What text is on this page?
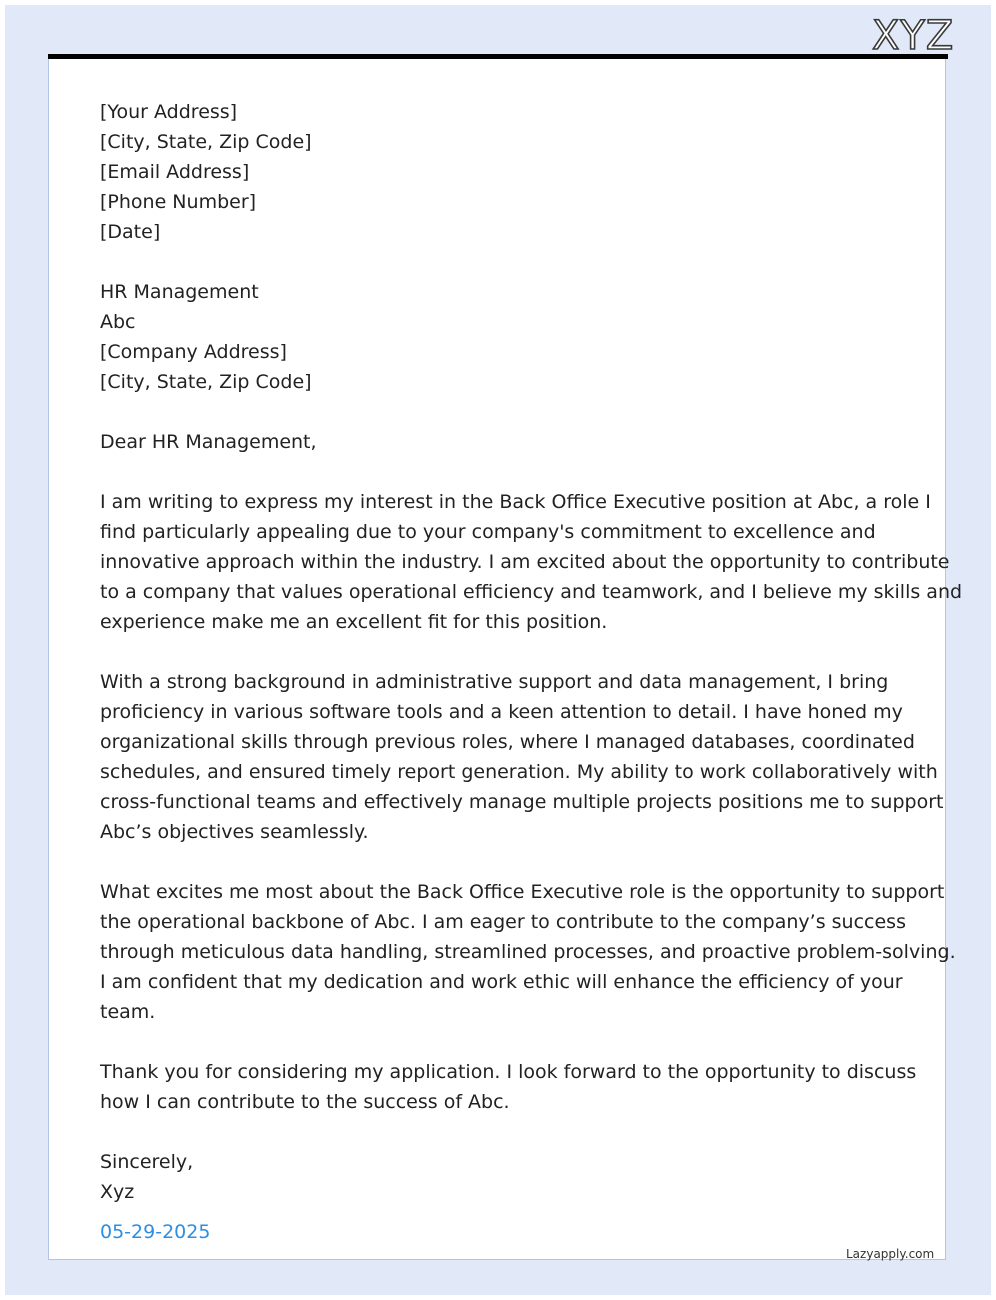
XYZ
[Your Address]
[City, State, Zip Code]
[Email Address]
[Phone Number]
[Date]
HR Management
Abc
[Company Address]
[City, State, Zip Code]
Dear HR Management,
I am writing to express my interest in the Back Office Executive position at Abc, a role I
find particularly appealing due to your company's commitment to excellence and
innovative approach within the industry. I am excited about the opportunity to contribute
to a company that values operational efficiency and teamwork, and I believe my skills and
experience make me an excellent fit for this position.
With a strong background in administrative support and data management, I bring
proficiency in various software tools and a keen attention to detail. I have honed my
organizational skills through previous roles, where I managed databases, coordinated
schedules, and ensured timely report generation. My ability to work collaboratively with
cross-functional teams and effectively manage multiple projects positions me to support
Abc’s objectives seamlessly.
What excites me most about the Back Office Executive role is the opportunity to support
the operational backbone of Abc. I am eager to contribute to the company’s success
through meticulous data handling, streamlined processes, and proactive problem-solving.
I am confident that my dedication and work ethic will enhance the efficiency of your
team.
Thank you for considering my application. I look forward to the opportunity to discuss
how I can contribute to the success of Abc.
Sincerely,
Xyz
05-29-2025
Lazyapply.com
